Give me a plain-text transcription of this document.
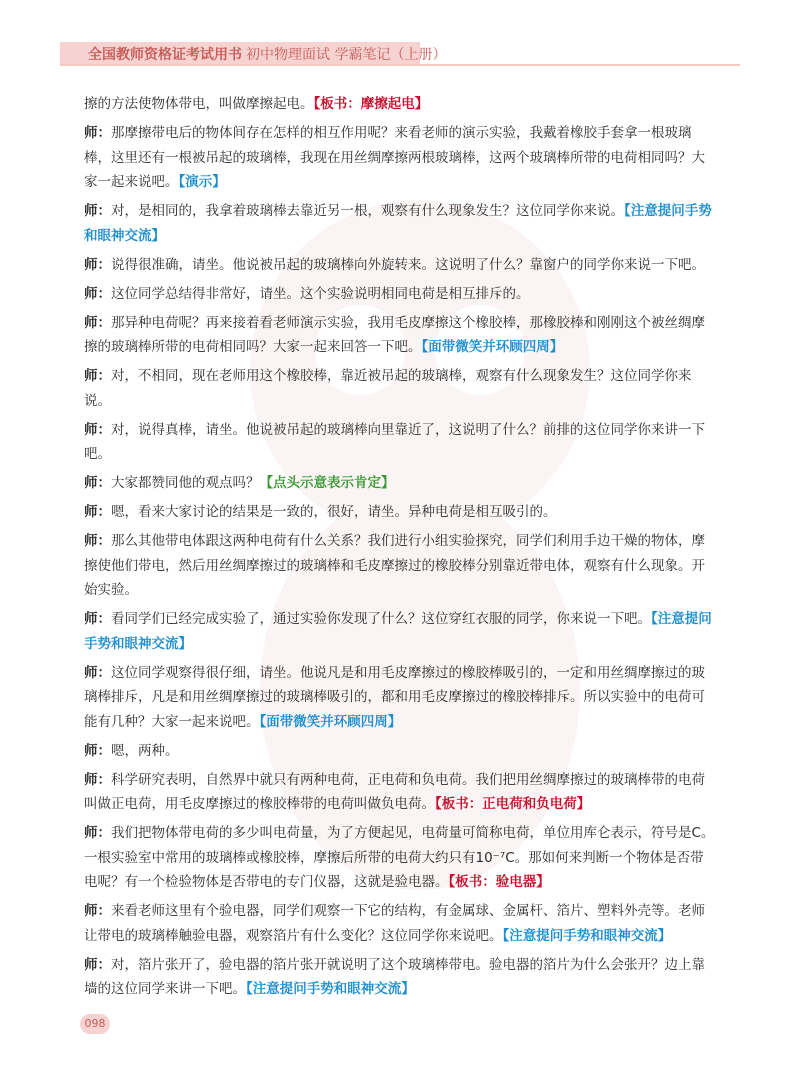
全国教师资格证考试用书 初中物理面试 学霸笔记（上册）

擦的方法使物体带电，叫做摩擦起电。【板书：摩擦起电】

师：那摩擦带电后的物体间存在怎样的相互作用呢？来看老师的演示实验，我戴着橡胶手套拿一根玻璃棒，这里还有一根被吊起的玻璃棒，我现在用丝绸摩擦两根玻璃棒，这两个玻璃棒所带的电荷相同吗？大家一起来说吧。【演示】

师：对，是相同的，我拿着玻璃棒去靠近另一根，观察有什么现象发生？这位同学你来说。【注意提问手势和眼神交流】

师：说得很准确，请坐。他说被吊起的玻璃棒向外旋转来。这说明了什么？靠窗户的同学你来说一下吧。

师：这位同学总结得非常好，请坐。这个实验说明相同电荷是相互排斥的。

师：那异种电荷呢？再来接着看老师演示实验，我用毛皮摩擦这个橡胶棒，那橡胶棒和刚刚这个被丝绸摩擦的玻璃棒所带的电荷相同吗？大家一起来回答一下吧。【面带微笑并环顾四周】

师：对，不相同，现在老师用这个橡胶棒，靠近被吊起的玻璃棒，观察有什么现象发生？这位同学你来说。

师：对，说得真棒，请坐。他说被吊起的玻璃棒向里靠近了，这说明了什么？前排的这位同学你来讲一下吧。

师：大家都赞同他的观点吗？【点头示意表示肯定】

师：嗯，看来大家讨论的结果是一致的，很好，请坐。异种电荷是相互吸引的。

师：那么其他带电体跟这两种电荷有什么关系？我们进行小组实验探究，同学们利用手边干燥的物体，摩擦使他们带电，然后用丝绸摩擦过的玻璃棒和毛皮摩擦过的橡胶棒分别靠近带电体，观察有什么现象。开始实验。

师：看同学们已经完成实验了，通过实验你发现了什么？这位穿红衣服的同学，你来说一下吧。【注意提问手势和眼神交流】

师：这位同学观察得很仔细，请坐。他说凡是和用毛皮摩擦过的橡胶棒吸引的，一定和用丝绸摩擦过的玻璃棒排斥，凡是和用丝绸摩擦过的玻璃棒吸引的，都和用毛皮摩擦过的橡胶棒排斥。所以实验中的电荷可能有几种？大家一起来说吧。【面带微笑并环顾四周】

师：嗯，两种。

师：科学研究表明，自然界中就只有两种电荷，正电荷和负电荷。我们把用丝绸摩擦过的玻璃棒带的电荷叫做正电荷，用毛皮摩擦过的橡胶棒带的电荷叫做负电荷。【板书：正电荷和负电荷】

师：我们把物体带电荷的多少叫电荷量，为了方便起见，电荷量可简称电荷，单位用库仑表示，符号是C。一根实验室中常用的玻璃棒或橡胶棒，摩擦后所带的电荷大约只有10⁻⁷C。那如何来判断一个物体是否带电呢？有一个检验物体是否带电的专门仪器，这就是验电器。【板书：验电器】

师：来看老师这里有个验电器，同学们观察一下它的结构，有金属球、金属杆、箔片、塑料外壳等。老师让带电的玻璃棒触验电器，观察箔片有什么变化？这位同学你来说吧。【注意提问手势和眼神交流】

师：对，箔片张开了，验电器的箔片张开就说明了这个玻璃棒带电。验电器的箔片为什么会张开？边上靠墙的这位同学来讲一下吧。【注意提问手势和眼神交流】

098
